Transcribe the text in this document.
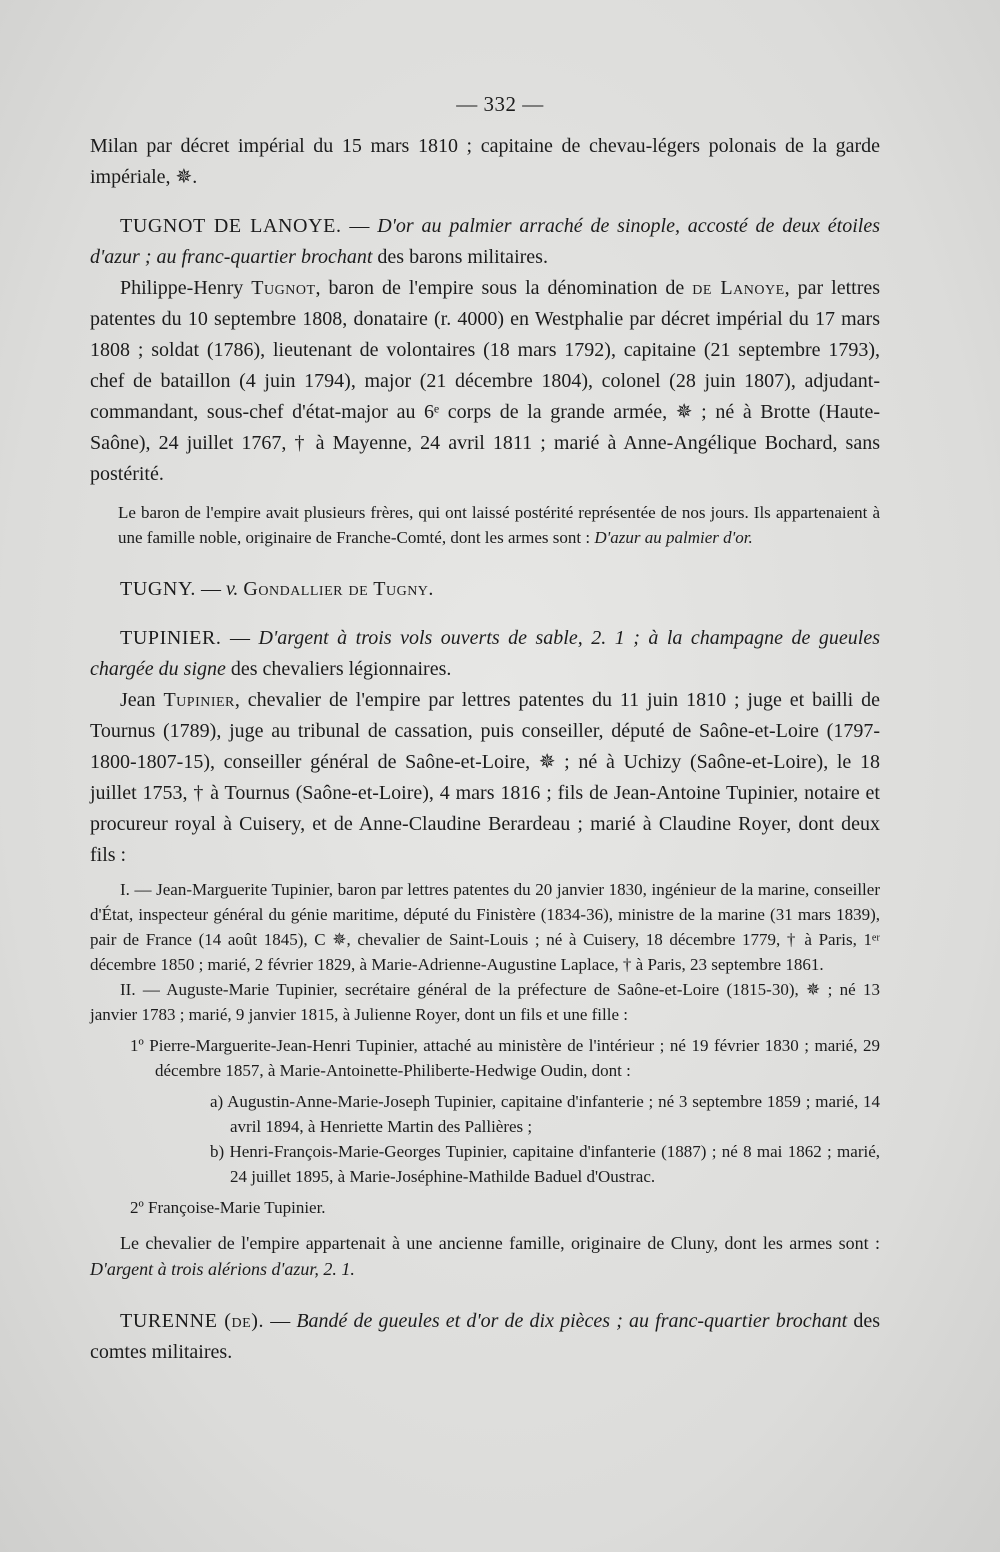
— 332 —

Milan par décret impérial du 15 mars 1810 ; capitaine de chevau-légers polonais de la garde impériale, ✵.

TUGNOT DE LANOYE. — D'or au palmier arraché de sinople, accosté de deux étoiles d'azur ; au franc-quartier brochant des barons militaires.

Philippe-Henry Tugnot, baron de l'empire sous la dénomination de de Lanoye, par lettres patentes du 10 septembre 1808, donataire (r. 4000) en Westphalie par décret impérial du 17 mars 1808 ; soldat (1786), lieutenant de volontaires (18 mars 1792), capitaine (21 septembre 1793), chef de bataillon (4 juin 1794), major (21 décembre 1804), colonel (28 juin 1807), adjudant-commandant, sous-chef d'état-major au 6ᵉ corps de la grande armée, ✵ ; né à Brotte (Haute-Saône), 24 juillet 1767, † à Mayenne, 24 avril 1811 ; marié à Anne-Angélique Bochard, sans postérité.

Le baron de l'empire avait plusieurs frères, qui ont laissé postérité représentée de nos jours. Ils appartenaient à une famille noble, originaire de Franche-Comté, dont les armes sont : D'azur au palmier d'or.

TUGNY. — v. Gondallier de Tugny.

TUPINIER. — D'argent à trois vols ouverts de sable, 2. 1 ; à la champagne de gueules chargée du signe des chevaliers légionnaires.

Jean Tupinier, chevalier de l'empire par lettres patentes du 11 juin 1810 ; juge et bailli de Tournus (1789), juge au tribunal de cassation, puis conseiller, député de Saône-et-Loire (1797-1800-1807-15), conseiller général de Saône-et-Loire, ✵ ; né à Uchizy (Saône-et-Loire), le 18 juillet 1753, † à Tournus (Saône-et-Loire), 4 mars 1816 ; fils de Jean-Antoine Tupinier, notaire et procureur royal à Cuisery, et de Anne-Claudine Berardeau ; marié à Claudine Royer, dont deux fils :

I. — Jean-Marguerite Tupinier, baron par lettres patentes du 20 janvier 1830, ingénieur de la marine, conseiller d'État, inspecteur général du génie maritime, député du Finistère (1834-36), ministre de la marine (31 mars 1839), pair de France (14 août 1845), C ✵, chevalier de Saint-Louis ; né à Cuisery, 18 décembre 1779, † à Paris, 1ᵉʳ décembre 1850 ; marié, 2 février 1829, à Marie-Adrienne-Augustine Laplace, † à Paris, 23 septembre 1861.

II. — Auguste-Marie Tupinier, secrétaire général de la préfecture de Saône-et-Loire (1815-30), ✵ ; né 13 janvier 1783 ; marié, 9 janvier 1815, à Julienne Royer, dont un fils et une fille :

1º Pierre-Marguerite-Jean-Henri Tupinier, attaché au ministère de l'intérieur ; né 19 février 1830 ; marié, 29 décembre 1857, à Marie-Antoinette-Philiberte-Hedwige Oudin, dont :

a) Augustin-Anne-Marie-Joseph Tupinier, capitaine d'infanterie ; né 3 septembre 1859 ; marié, 14 avril 1894, à Henriette Martin des Pallières ;

b) Henri-François-Marie-Georges Tupinier, capitaine d'infanterie (1887) ; né 8 mai 1862 ; marié, 24 juillet 1895, à Marie-Joséphine-Mathilde Baduel d'Oustrac.

2º Françoise-Marie Tupinier.

Le chevalier de l'empire appartenait à une ancienne famille, originaire de Cluny, dont les armes sont : D'argent à trois alérions d'azur, 2. 1.

TURENNE (de). — Bandé de gueules et d'or de dix pièces ; au franc-quartier brochant des comtes militaires.
